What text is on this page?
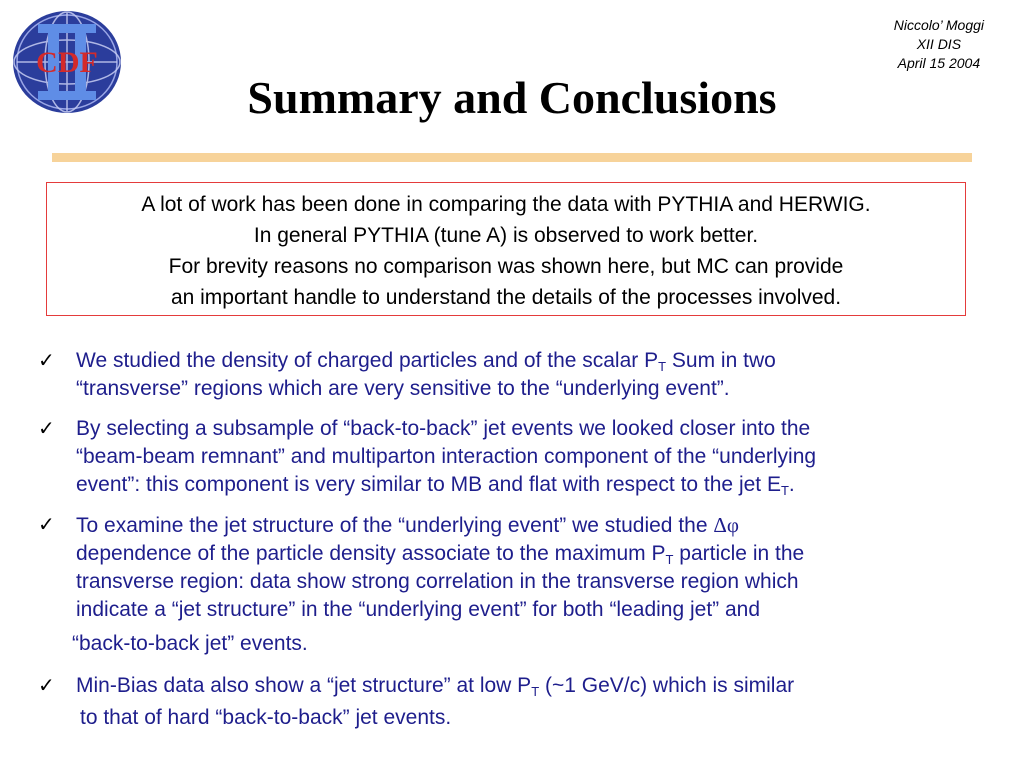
CDF
Niccolo’ Moggi
XII DIS
April 15 2004
Summary and Conclusions
A lot of work has been done in comparing the data with PYTHIA and HERWIG.
In general PYTHIA (tune A) is observed to work better.
For brevity reasons no comparison was shown here, but MC can provide
an important handle to understand the details of the processes involved.
✓ We studied the density of charged particles and of the scalar $P_T$ Sum in two
“transverse” regions which are very sensitive to the “underlying event”.
✓ By selecting a subsample of “back-to-back” jet events we looked closer into the
“beam-beam remnant” and multiparton interaction component of the “underlying
event”: this component is very similar to MB and flat with respect to the jet $E_T$.
✓ To examine the jet structure of the “underlying event” we studied the Δφ
dependence of the particle density associate to the maximum $P_T$ particle in the
transverse region: data show strong correlation in the transverse region which
indicate a “jet structure” in the “underlying event” for both “leading jet” and
“back-to-back jet” events.
✓ Min-Bias data also show a “jet structure” at low $P_T$ (~1 GeV/c) which is similar
to that of hard “back-to-back” jet events.
